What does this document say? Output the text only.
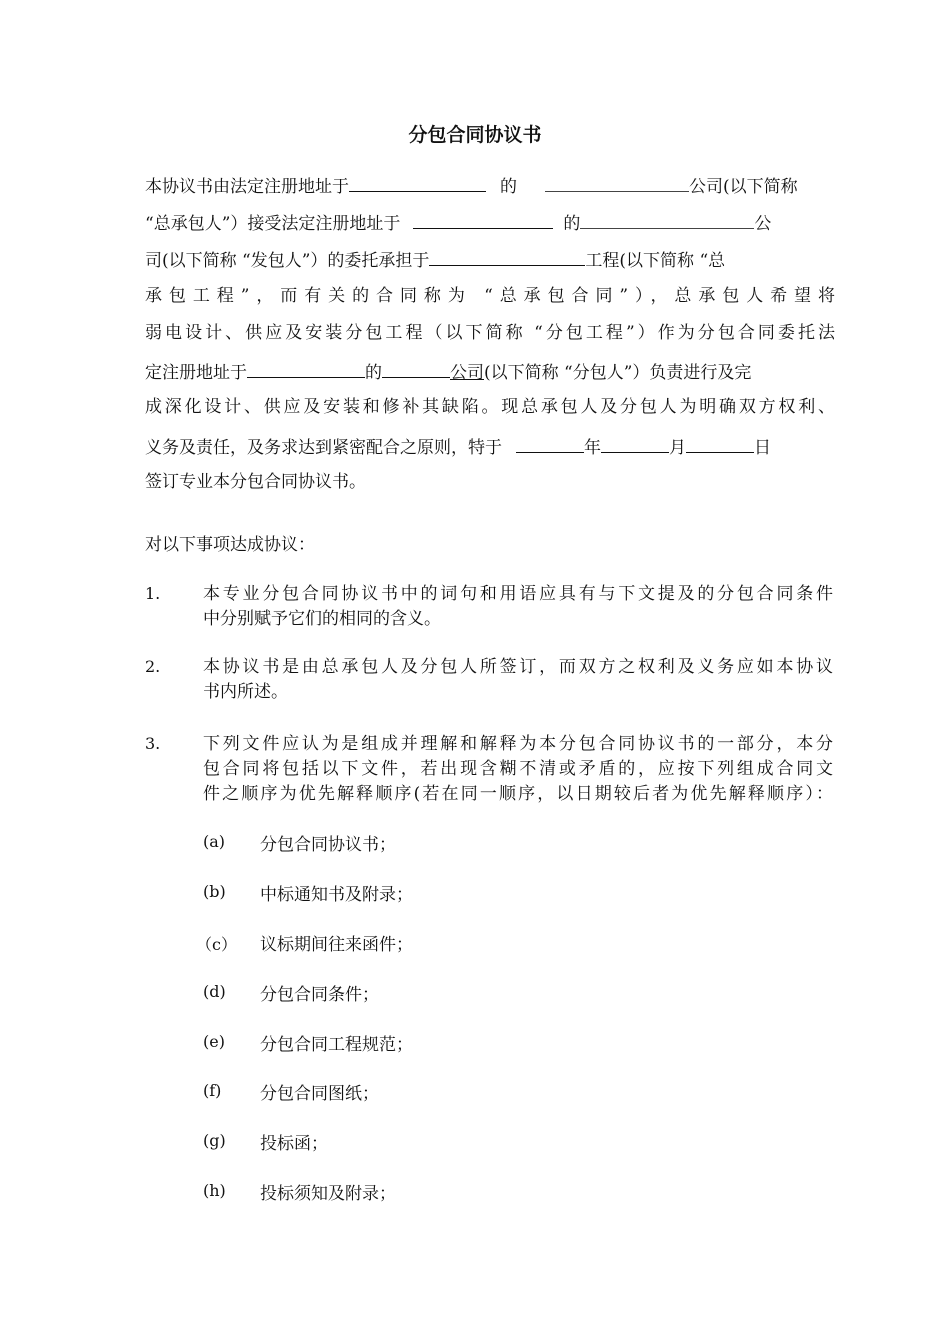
分包合同协议书
本协议书由法定注册地址于	的	公司(以下简称
“总承包人”）接受法定注册地址于	的	公
司(以下简称 “发包人”）的委托承担于	工程(以下简称 “总
承包工程”，而有关的合同称为 “总承包合同”），总承包人希望将
弱电设计、供应及安装分包工程（以下简称 “分包工程”）作为分包合同委托法
定注册地址于	的	公司(以下简称 “分包人”）负责进行及完
成深化设计、供应及安装和修补其缺陷。现总承包人及分包人为明确双方权利、
义务及责任，及务求达到紧密配合之原则，特于	年	月	日
签订专业本分包合同协议书。
对以下事项达成协议：
1.	本专业分包合同协议书中的词句和用语应具有与下文提及的分包合同条件
中分别赋予它们的相同的含义。
2.	本协议书是由总承包人及分包人所签订，而双方之权利及义务应如本协议
书内所述。
3.	下列文件应认为是组成并理解和解释为本分包合同协议书的一部分，本分
包合同将包括以下文件，若出现含糊不清或矛盾的，应按下列组成合同文
件之顺序为优先解释顺序(若在同一顺序，以日期较后者为优先解释顺序）：
(a) 分包合同协议书；
(b) 中标通知书及附录；
（c） 议标期间往来函件；
(d) 分包合同条件；
(e) 分包合同工程规范；
(f) 分包合同图纸；
(g) 投标函；
(h) 投标须知及附录；
